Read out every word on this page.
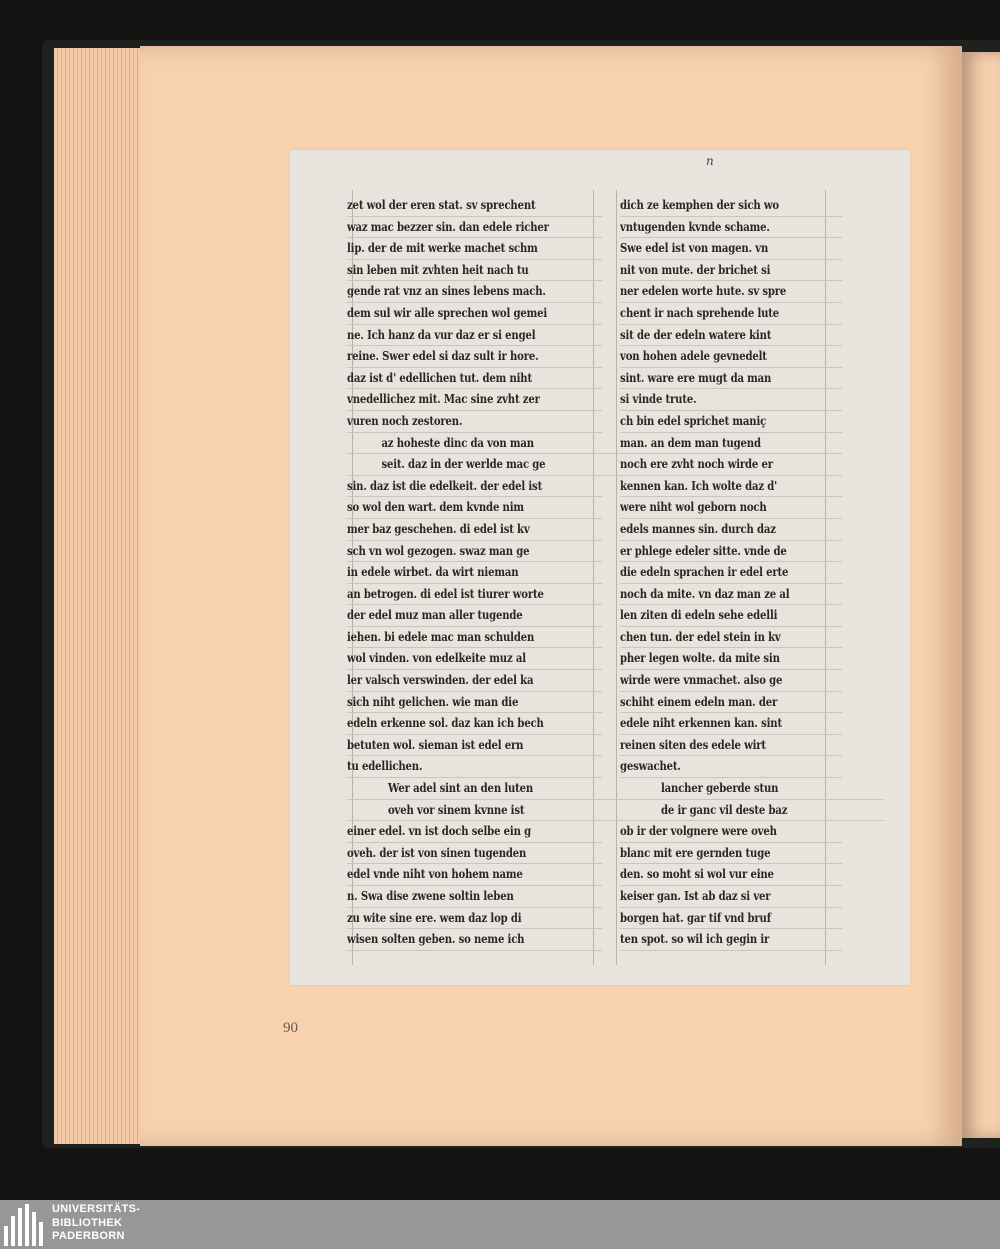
n
zet wol der eren stat. sv sprechent
waz mac bezzer sin. dan edele richer
lip. der de mit werke machet schm
sin leben mit zvhten heit nach tu
gende rat vnz an sines lebens mach.
dem sul wir alle sprechen wol gemei
ne. Ich hanz da vur daz er si engel
reine. Swer edel si daz sult ir hore.
daz ist d' edellichen tut. dem niht
vnedellichez mit. Mac sine zvht zer
vuren noch zestoren.
az hoheste dinc da von man
seit. daz in der werlde mac ge
sin. daz ist die edelkeit. der edel ist
so wol den wart. dem kvnde nim
mer baz geschehen. di edel ist kv
sch vn wol gezogen. swaz man ge
in edele wirbet. da wirt nieman
an betrogen. di edel ist tiurer worte
der edel muz man aller tugende
iehen. bi edele mac man schulden
wol vinden. von edelkeite muz al
ler valsch verswinden. der edel ka
sich niht gelichen. wie man die
edeln erkenne sol. daz kan ich bech
betuten wol. sieman ist edel ern
tu edellichen.
Wer adel sint an den luten
oveh vor sinem kvnne ist
einer edel. vn ist doch selbe ein g
oveh. der ist von sinen tugenden
edel vnde niht von hohem name
n. Swa dise zwene soltin leben
zu wite sine ere. wem daz lop di
wisen solten geben. so neme ich
dich ze kemphen der sich wo
vntugenden kvnde schame.
Swe edel ist von magen. vn
nit von mute. der brichet si
ner edelen worte hute. sv spre
chent ir nach sprehende lute
sit de der edeln watere kint
von hohen adele gevnedelt
sint. ware ere mugt da man
si vinde trute.
ch bin edel sprichet maniç
man. an dem man tugend
noch ere zvht noch wirde er
kennen kan. Ich wolte daz d'
were niht wol geborn noch
edels mannes sin. durch daz
er phlege edeler sitte. vnde de
die edeln sprachen ir edel erte
noch da mite. vn daz man ze al
len ziten di edeln sehe edelli
chen tun. der edel stein in kv
pher legen wolte. da mite sin
wirde were vnmachet. also ge
schiht einem edeln man. der
edele niht erkennen kan. sint
reinen siten des edele wirt
geswachet.
lancher geberde stun
de ir ganc vil deste baz
ob ir der volgnere were oveh
blanc mit ere gernden tuge
den. so moht si wol vur eine
keiser gan. Ist ab daz si ver
borgen hat. gar tif vnd bruf
ten spot. so wil ich gegin ir
90
UNIVERSITÄTS-
BIBLIOTHEK
PADERBORN
